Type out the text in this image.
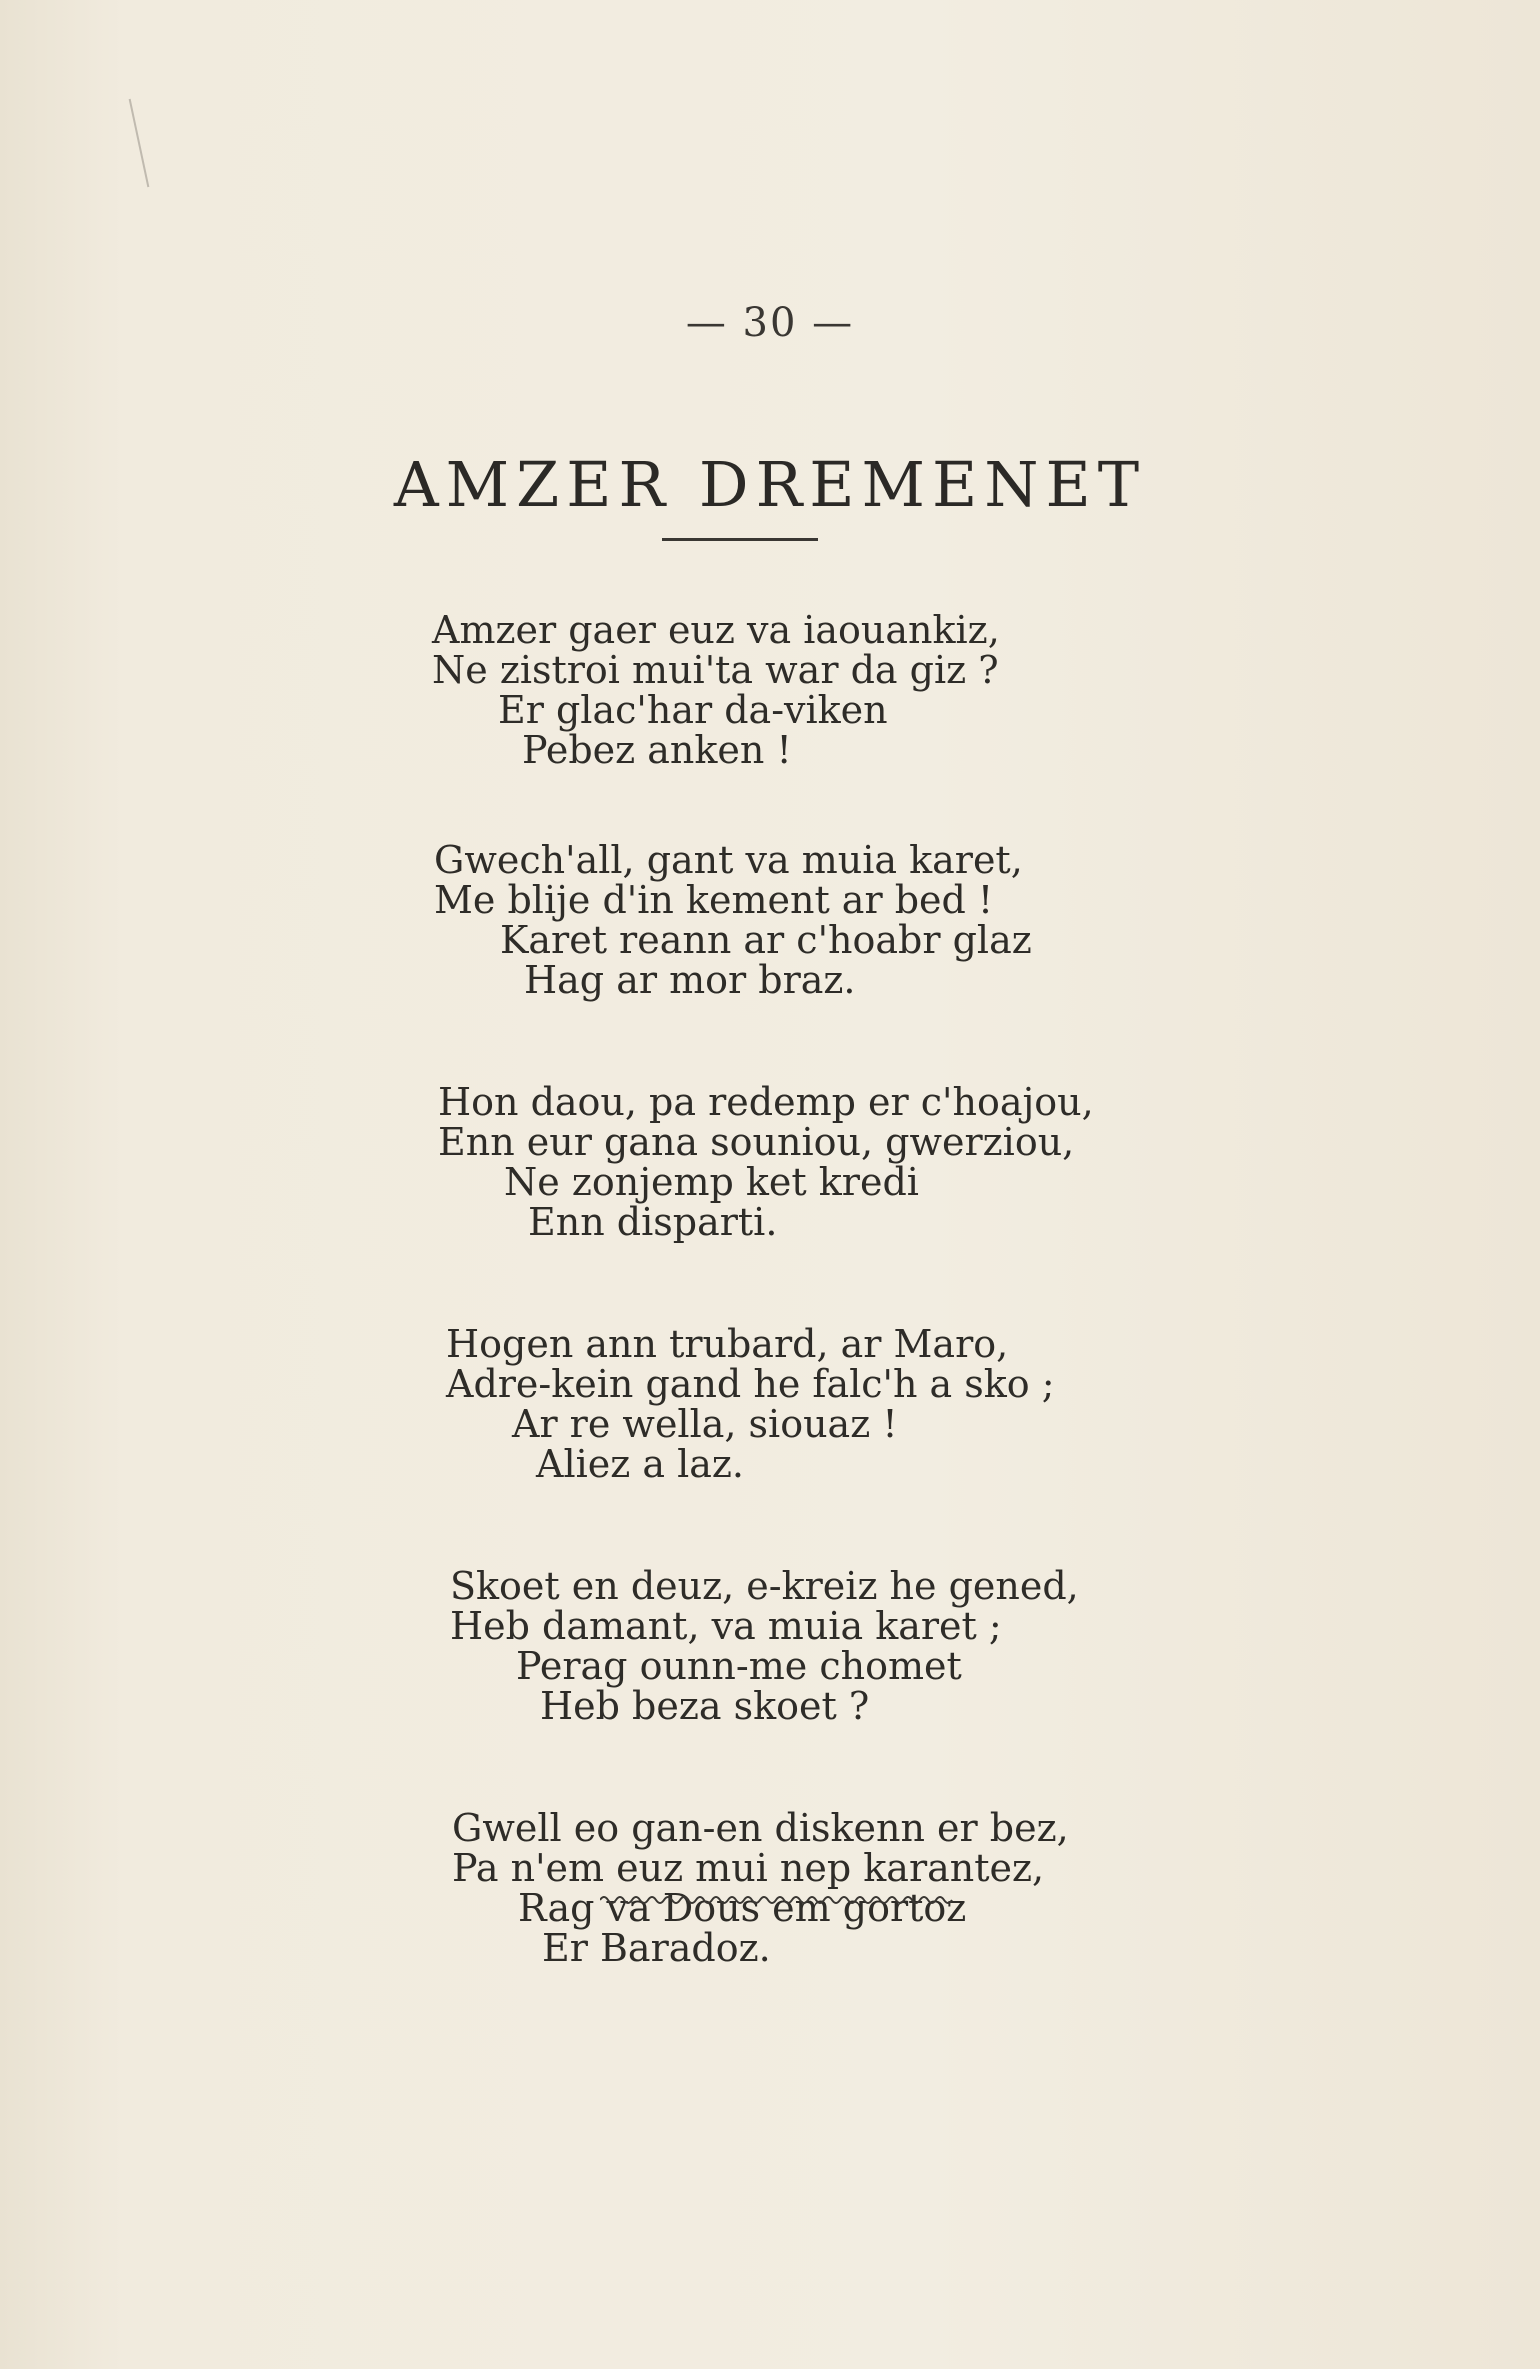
— 30 —
AMZER DREMENET
Amzer gaer euz va iaouankiz,
Ne zistroi mui'ta war da giz ?
Er glac'har da-viken
Pebez anken !
Gwech'all, gant va muia karet,
Me blije d'in kement ar bed !
Karet reann ar c'hoabr glaz
Hag ar mor braz.
Hon daou, pa redemp er c'hoajou,
Enn eur gana souniou, gwerziou,
Ne zonjemp ket kredi
Enn disparti.
Hogen ann trubard, ar Maro,
Adre-kein gand he falc'h a sko ;
Ar re wella, siouaz !
Aliez a laz.
Skoet en deuz, e-kreiz he gened,
Heb damant, va muia karet ;
Perag ounn-me chomet
Heb beza skoet ?
Gwell eo gan-en diskenn er bez,
Pa n'em euz mui nep karantez,
Rag va Dous em gortoz
Er Baradoz.
